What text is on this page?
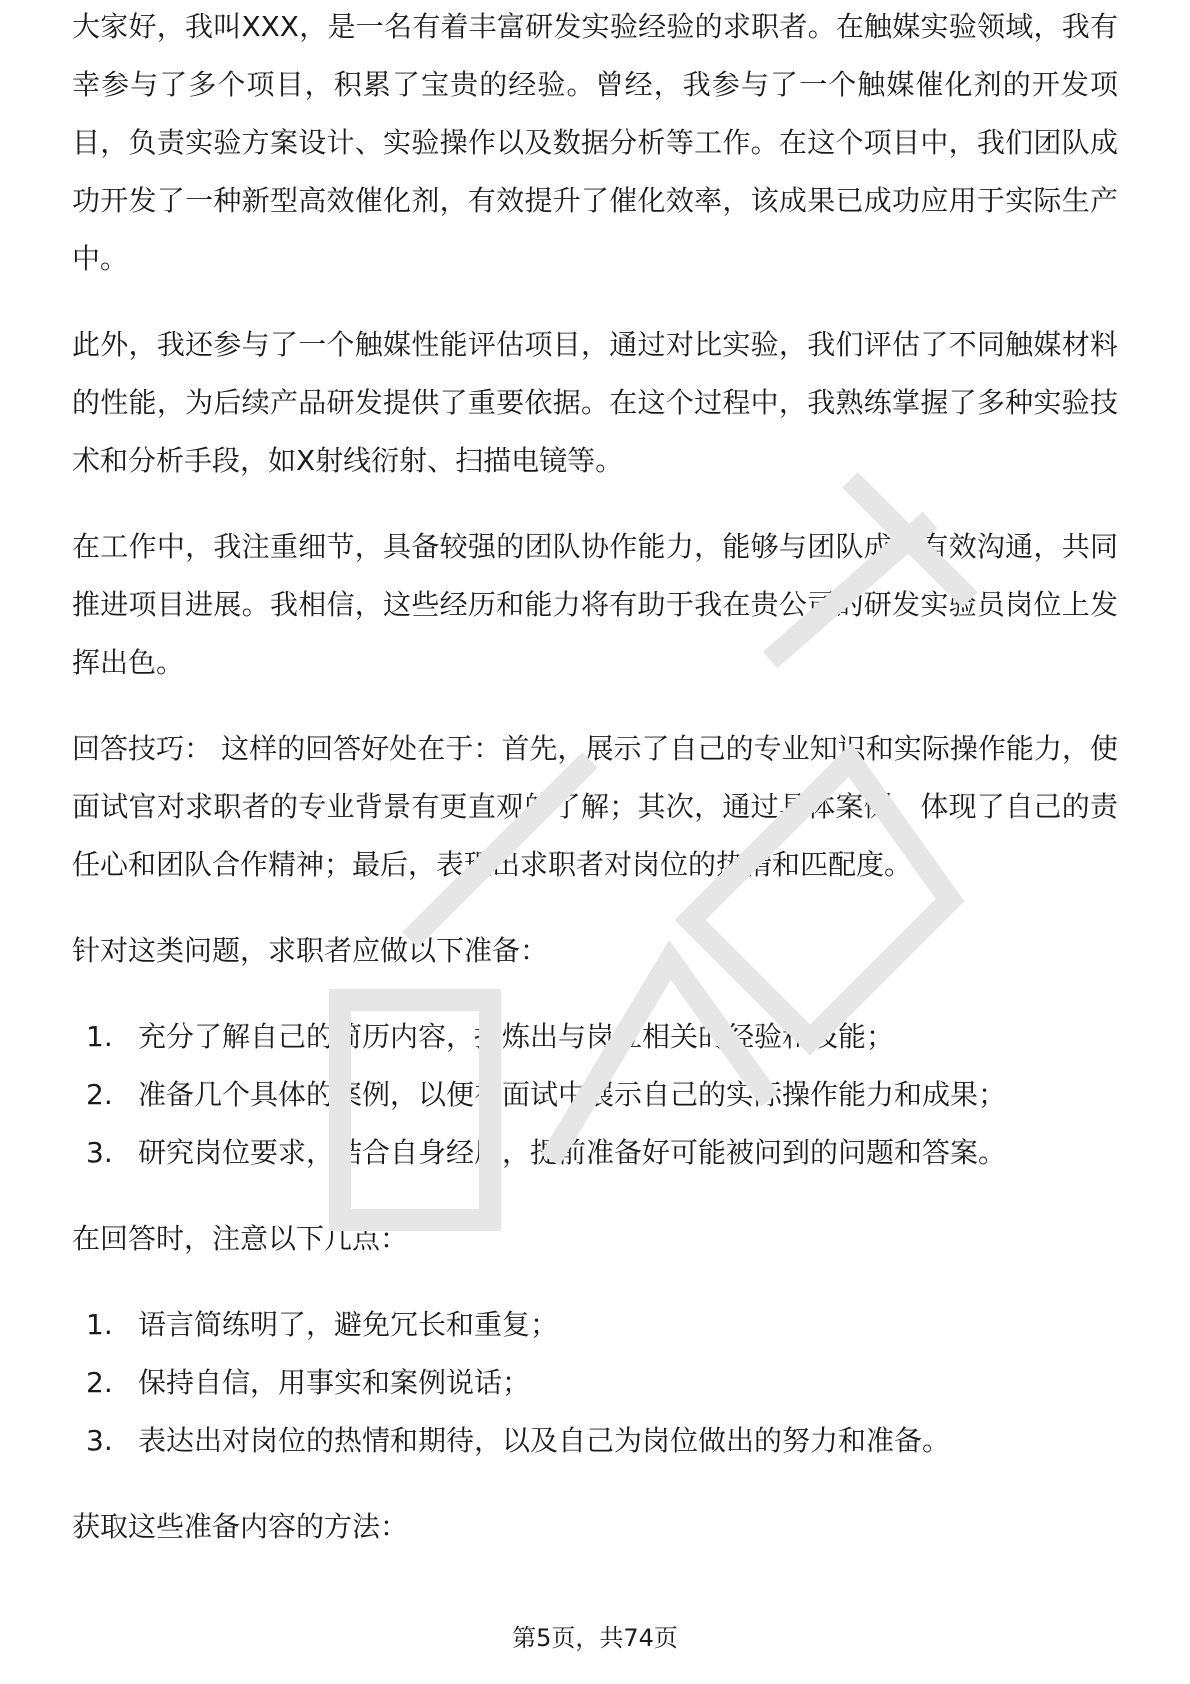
大家好，我叫XXX，是一名有着丰富研发实验经验的求职者。在触媒实验领域，我有幸参与了多个项目，积累了宝贵的经验。曾经，我参与了一个触媒催化剂的开发项目，负责实验方案设计、实验操作以及数据分析等工作。在这个项目中，我们团队成功开发了一种新型高效催化剂，有效提升了催化效率，该成果已成功应用于实际生产中。

此外，我还参与了一个触媒性能评估项目，通过对比实验，我们评估了不同触媒材料的性能，为后续产品研发提供了重要依据。在这个过程中，我熟练掌握了多种实验技术和分析手段，如X射线衍射、扫描电镜等。

在工作中，我注重细节，具备较强的团队协作能力，能够与团队成员有效沟通，共同推进项目进展。我相信，这些经历和能力将有助于我在贵公司的研发实验员岗位上发挥出色。

回答技巧： 这样的回答好处在于：首先，展示了自己的专业知识和实际操作能力，使面试官对求职者的专业背景有更直观的了解；其次，通过具体案例，体现了自己的责任心和团队合作精神；最后，表现出求职者对岗位的热情和匹配度。

针对这类问题，求职者应做以下准备：

1. 充分了解自己的简历内容，提炼出与岗位相关的经验和技能；
2. 准备几个具体的案例，以便在面试中展示自己的实际操作能力和成果；
3. 研究岗位要求，结合自身经历，提前准备好可能被问到的问题和答案。

在回答时，注意以下几点：

1. 语言简练明了，避免冗长和重复；
2. 保持自信，用事实和案例说话；
3. 表达出对岗位的热情和期待，以及自己为岗位做出的努力和准备。

获取这些准备内容的方法：

第5页，共74页
